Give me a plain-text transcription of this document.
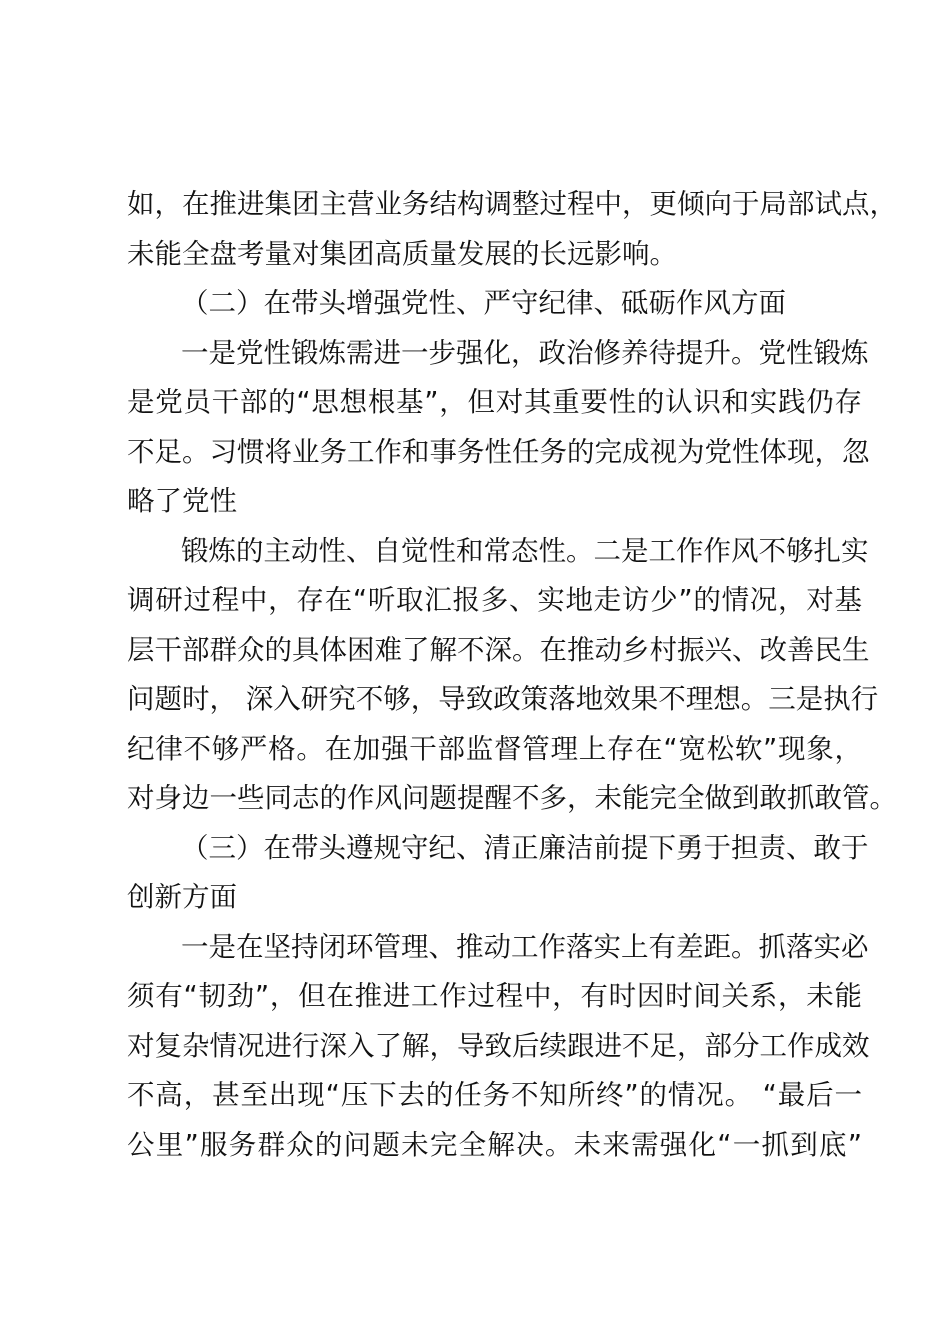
如，在推进集团主营业务结构调整过程中，更倾向于局部试点，
未能全盘考量对集团高质量发展的长远影响。
（二）在带头增强党性、严守纪律、砥砺作风方面
一是党性锻炼需进一步强化，政治修养待提升。党性锻炼
是党员干部的“思想根基”，但对其重要性的认识和实践仍存
不足。习惯将业务工作和事务性任务的完成视为党性体现，忽
略了党性
锻炼的主动性、自觉性和常态性。二是工作作风不够扎实
调研过程中，存在“听取汇报多、实地走访少”的情况，对基
层干部群众的具体困难了解不深。在推动乡村振兴、改善民生
问题时， 深入研究不够，导致政策落地效果不理想。三是执行
纪律不够严格。在加强干部监督管理上存在“宽松软”现象，
对身边一些同志的作风问题提醒不多，未能完全做到敢抓敢管。
（三）在带头遵规守纪、清正廉洁前提下勇于担责、敢于
创新方面
一是在坚持闭环管理、推动工作落实上有差距。抓落实必
须有“韧劲”，但在推进工作过程中，有时因时间关系，未能
对复杂情况进行深入了解，导致后续跟进不足，部分工作成效
不高，甚至出现“压下去的任务不知所终”的情况。 “最后一
公里”服务群众的问题未完全解决。未来需强化“一抓到底”
